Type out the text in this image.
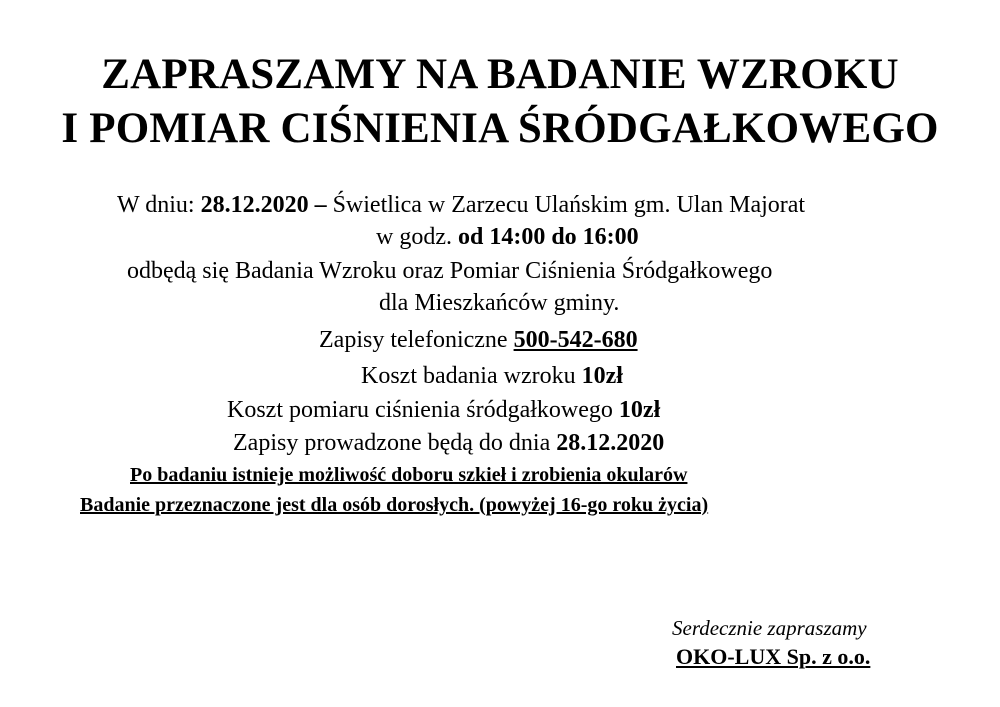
ZAPRASZAMY NA BADANIE WZROKU
I POMIAR CIŚNIENIA ŚRÓDGAŁKOWEGO
W dniu: 28.12.2020 – Świetlica w Zarzecu Ulańskim gm. Ulan Majorat
w godz. od 14:00 do 16:00
odbędą się Badania Wzroku oraz Pomiar Ciśnienia Śródgałkowego
dla Mieszkańców gminy.
Zapisy telefoniczne 500-542-680
Koszt badania wzroku 10zł
Koszt pomiaru ciśnienia śródgałkowego 10zł
Zapisy prowadzone będą do dnia 28.12.2020
Po badaniu istnieje możliwość doboru szkieł i zrobienia okularów
Badanie przeznaczone jest dla osób dorosłych. (powyżej 16-go roku życia)
Serdecznie zapraszamy
OKO-LUX Sp. z o.o.
